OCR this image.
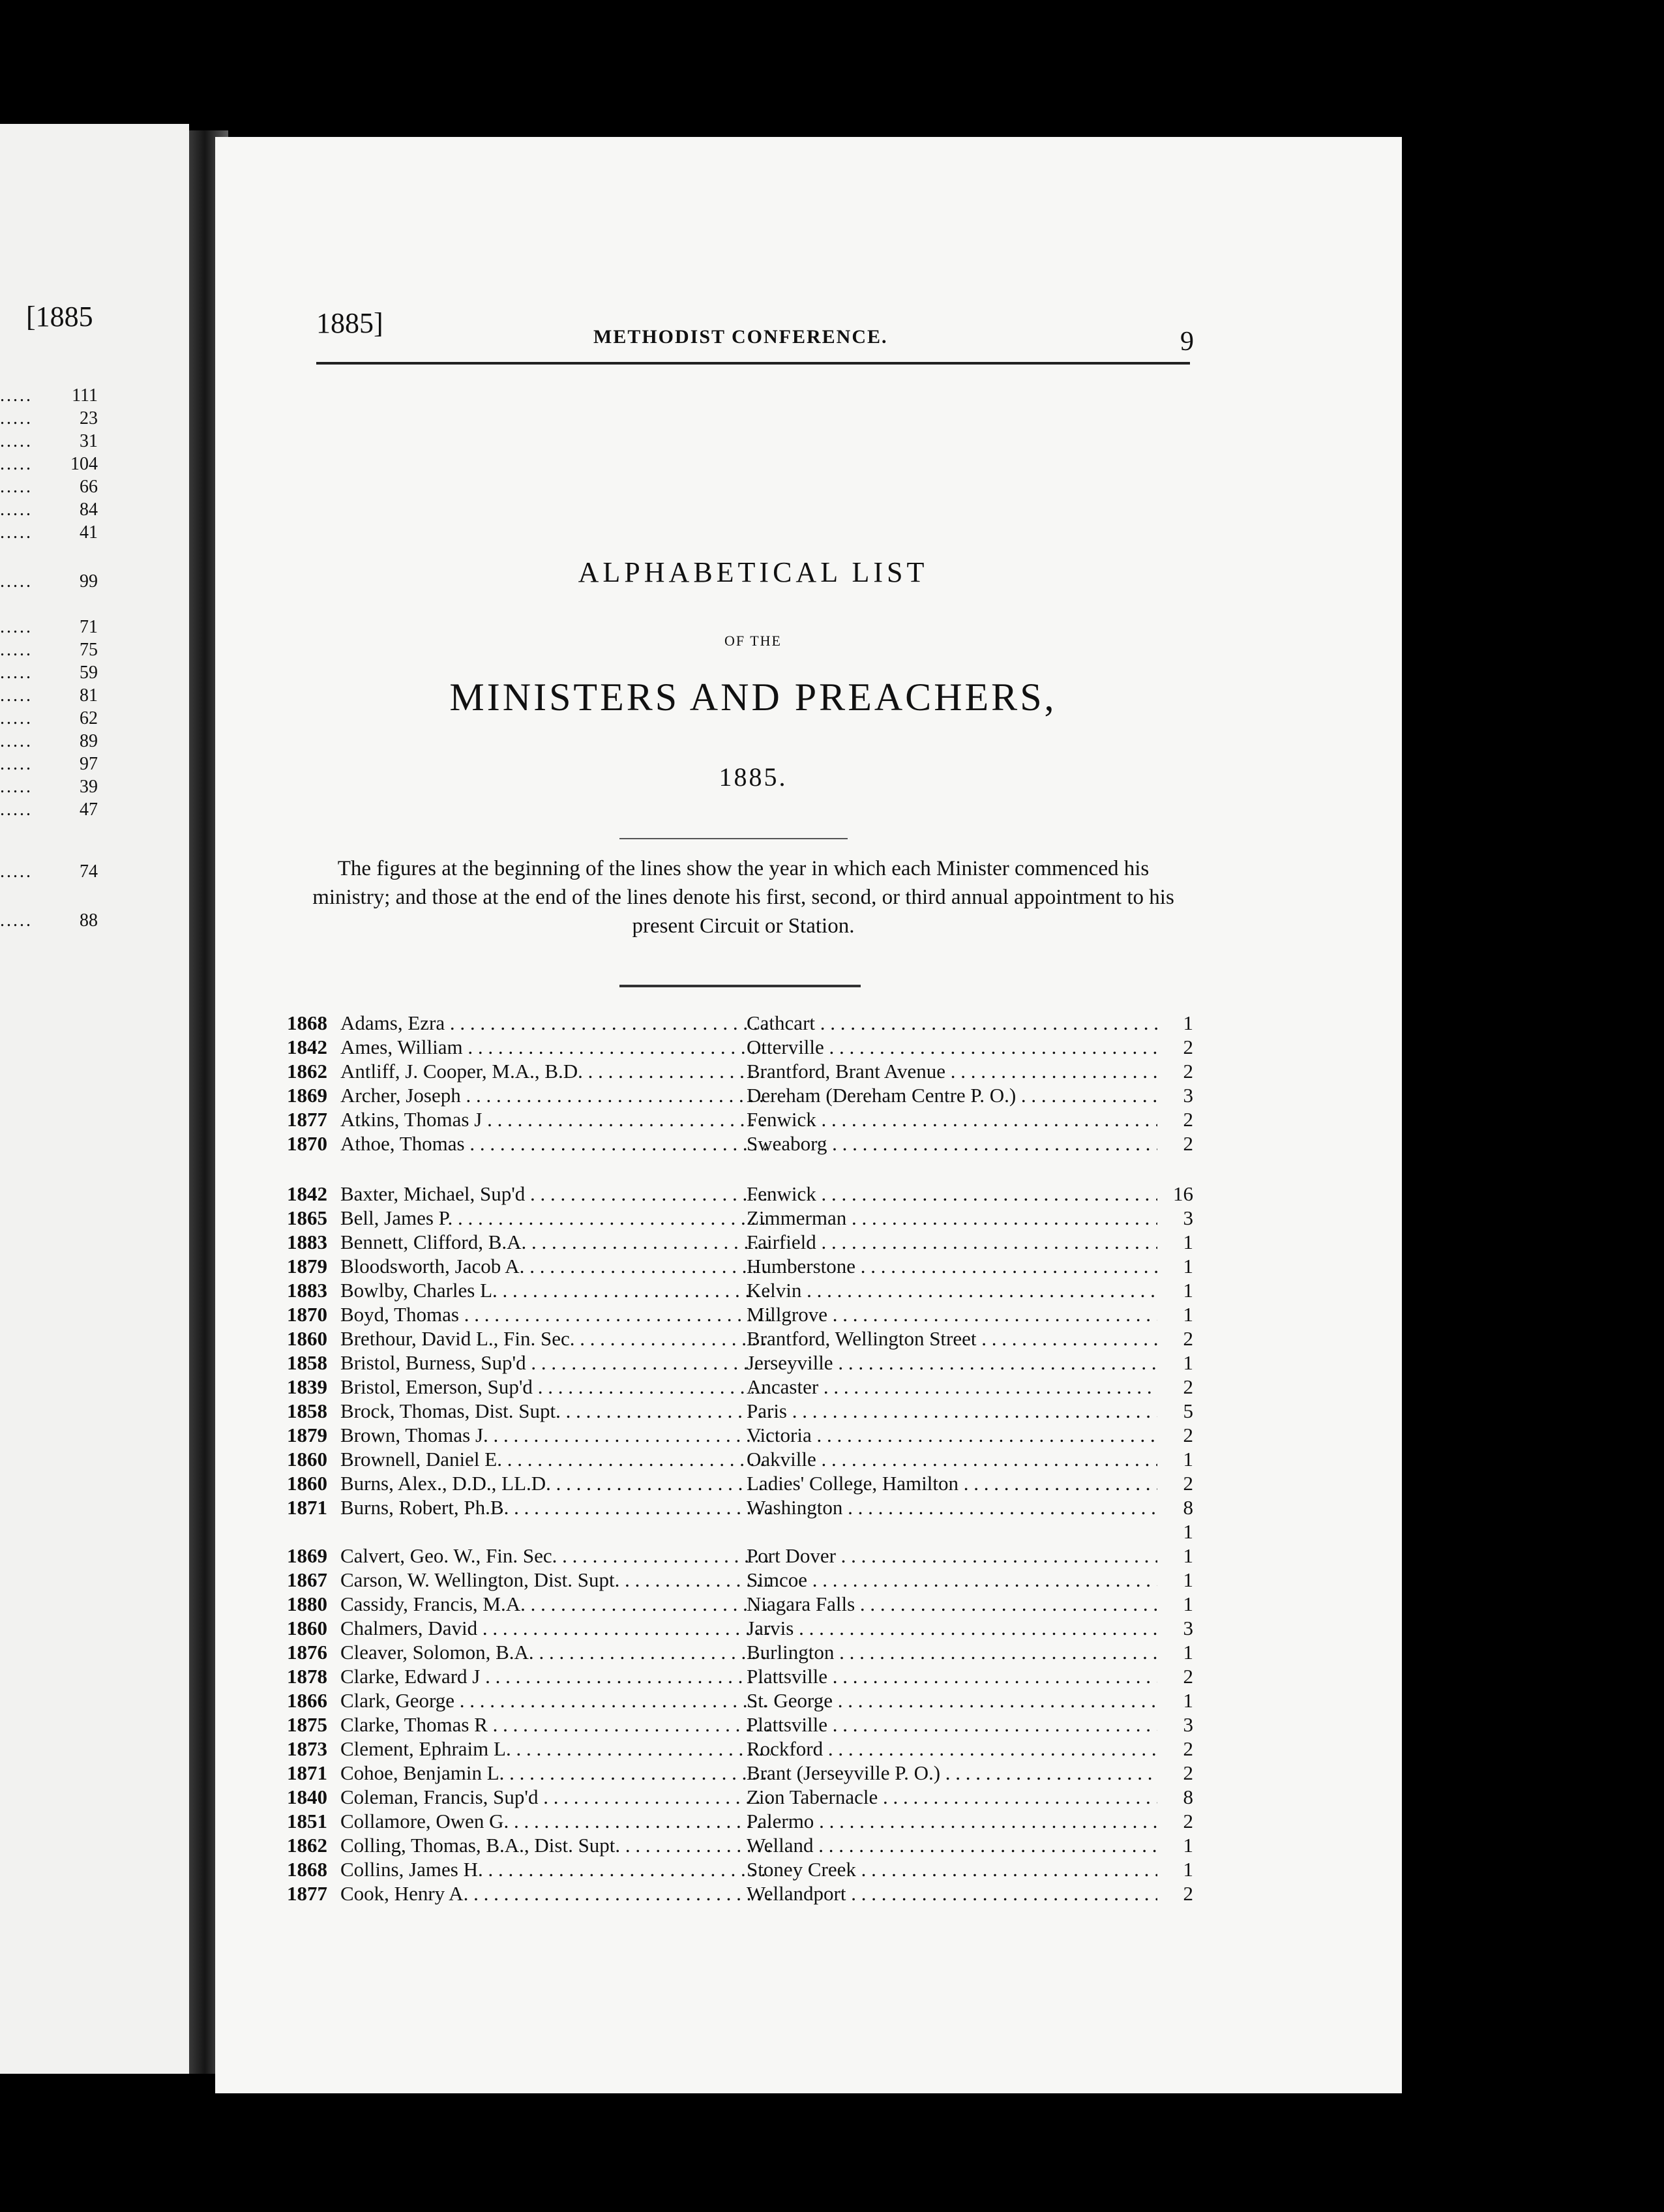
[1885
..... 111
.....	23
.....	31
..... 104
.....	66
.....	84
.....	41
.....	99
.....	71
.....	75
.....	59
.....	81
.....	62
.....	89
.....	97
.....	39
.....	47
.....	74
.....	88
1885]	METHODIST CONFERENCE.	9
ALPHABETICAL LIST
OF THE
MINISTERS AND PREACHERS,
1885.
The figures at the beginning of the lines show the year in which each Minister commenced his ministry; and those at the end of the lines denote his first, second, or third annual appointment to his present Circuit or Station.
1868 Adams, Ezra . . .	Cathcart . . .	1
1842 Ames, William . . .	Otterville . . .	2
1862 Antliff, J. Cooper, M.A., B.D. . . .	Brantford, Brant Avenue . . .	2
1869 Archer, Joseph . . .	Dereham (Dereham Centre P. O.) . . .	3
1877 Atkins, Thomas J . . .	Fenwick . . .	2
1870 Athoe, Thomas . . .	Sweaborg . . .	2
1842 Baxter, Michael, Sup'd . . .	Fenwick . . .	16
1865 Bell, James P. . . .	Zimmerman . . .	3
1883 Bennett, Clifford, B.A. . . .	Fairfield . . .	1
1879 Bloodsworth, Jacob A. . . .	Humberstone . . .	1
1883 Bowlby, Charles L. . . .	Kelvin . . .	1
1870 Boyd, Thomas . . .	Millgrove . . .	1
1860 Brethour, David L., Fin. Sec. . . .	Brantford, Wellington Street . . .	2
1858 Bristol, Burness, Sup'd . . .	Jerseyville . . .	1
1839 Bristol, Emerson, Sup'd . . .	Ancaster . . .	2
1858 Brock, Thomas, Dist. Supt. . . .	Paris . . .	5
1879 Brown, Thomas J. . . .	Victoria . . .	2
1860 Brownell, Daniel E. . . .	Oakville . . .	1
1860 Burns, Alex., D.D., LL.D. . . .	Ladies' College, Hamilton . . .	2
1871 Burns, Robert, Ph.B. . . .	Washington . . .	8
1
1869 Calvert, Geo. W., Fin. Sec. . . .	Port Dover . . .	1
1867 Carson, W. Wellington, Dist. Supt. . . .	Simcoe . . .	1
1880 Cassidy, Francis, M.A. . . .	Niagara Falls . . .	1
1860 Chalmers, David . . .	Jarvis . . .	3
1876 Cleaver, Solomon, B.A. . . .	Burlington . . .	1
1878 Clarke, Edward J . . .	Plattsville . . .	2
1866 Clark, George . . .	St. George . . .	1
1875 Clarke, Thomas R . . .	Plattsville . . .	3
1873 Clement, Ephraim L. . . .	Rockford . . .	2
1871 Cohoe, Benjamin L. . . .	Brant (Jerseyville P. O.) . . .	2
1840 Coleman, Francis, Sup'd . . .	Zion Tabernacle . . .	8
1851 Collamore, Owen G. . . .	Palermo . . .	2
1862 Colling, Thomas, B.A., Dist. Supt. . . .	Welland . . .	1
1868 Collins, James H. . . .	Stoney Creek . . .	1
1877 Cook, Henry A. . . .	Wellandport . . .	2
